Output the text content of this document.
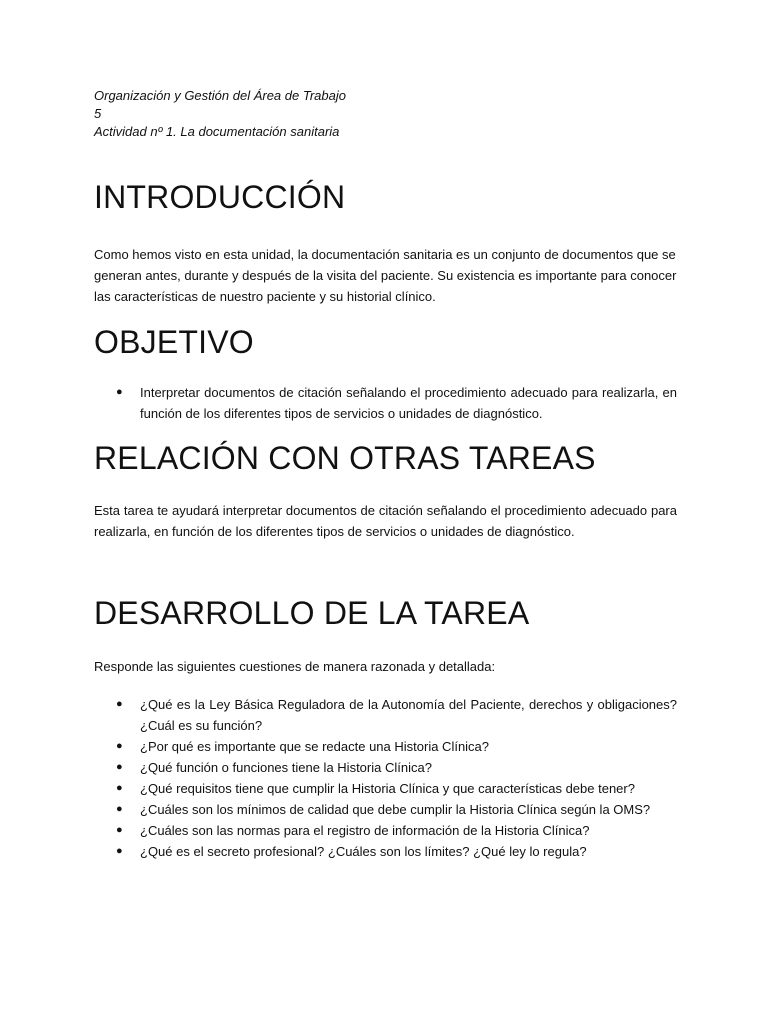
Organización y Gestión del Área de Trabajo

5

Actividad nº 1. La documentación sanitaria

INTRODUCCIÓN

Como hemos visto en esta unidad, la documentación sanitaria es un conjunto de documentos que se generan antes, durante y después de la visita del paciente. Su existencia es importante para conocer las características de nuestro paciente y su historial clínico.

OBJETIVO
● Interpretar documentos de citación señalando el procedimiento adecuado para realizarla, en función de los diferentes tipos de servicios o unidades de diagnóstico.
RELACIÓN CON OTRAS TAREAS

Esta tarea te ayudará interpretar documentos de citación señalando el procedimiento adecuado para realizarla, en función de los diferentes tipos de servicios o unidades de diagnóstico.

DESARROLLO DE LA TAREA

Responde las siguientes cuestiones de manera razonada y detallada:

● ¿Qué es la Ley Básica Reguladora de la Autonomía del Paciente, derechos y obligaciones? ¿Cuál es su función?
● ¿Por qué es importante que se redacte una Historia Clínica?
● ¿Qué función o funciones tiene la Historia Clínica?
● ¿Qué requisitos tiene que cumplir la Historia Clínica y que características debe tener?
● ¿Cuáles son los mínimos de calidad que debe cumplir la Historia Clínica según la OMS?
● ¿Cuáles son las normas para el registro de información de la Historia Clínica?
● ¿Qué es el secreto profesional? ¿Cuáles son los límites? ¿Qué ley lo regula?
